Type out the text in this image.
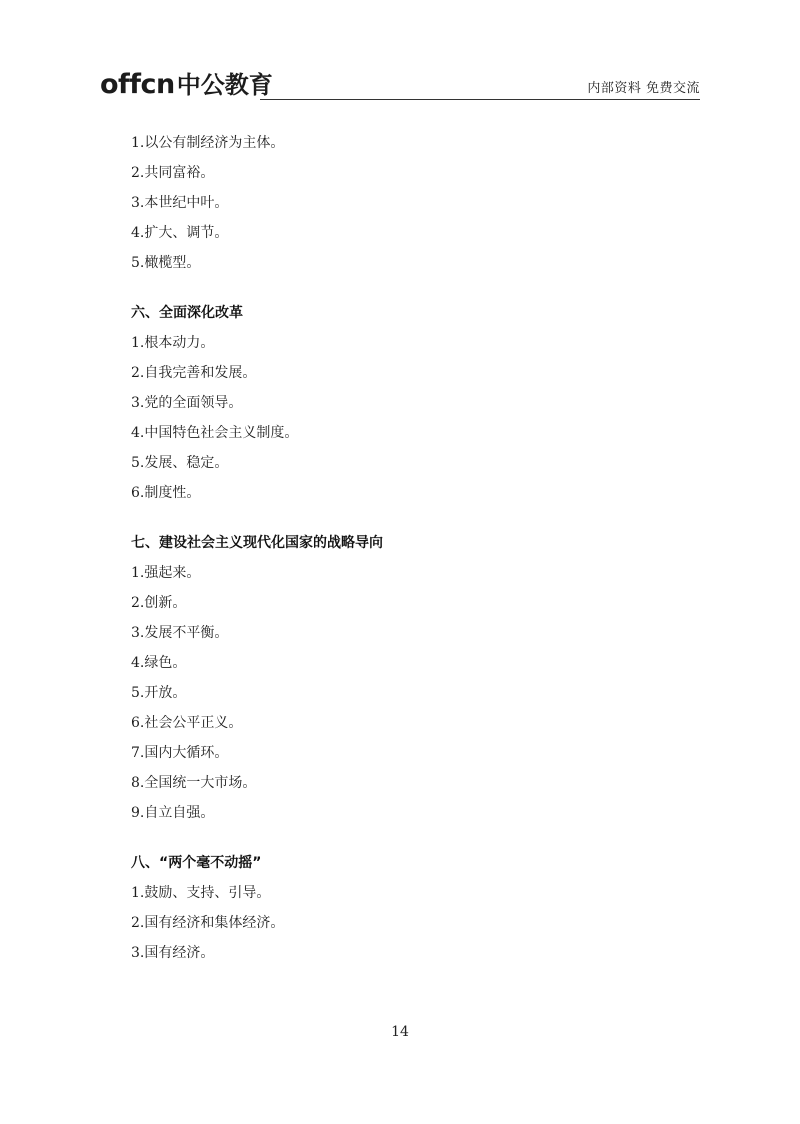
offcn 中公教育	内部资料 免费交流
1.以公有制经济为主体。
2.共同富裕。
3.本世纪中叶。
4.扩大、调节。
5.橄榄型。
六、全面深化改革
1.根本动力。
2.自我完善和发展。
3.党的全面领导。
4.中国特色社会主义制度。
5.发展、稳定。
6.制度性。
七、建设社会主义现代化国家的战略导向
1.强起来。
2.创新。
3.发展不平衡。
4.绿色。
5.开放。
6.社会公平正义。
7.国内大循环。
8.全国统一大市场。
9.自立自强。
八、“两个毫不动摇”
1.鼓励、支持、引导。
2.国有经济和集体经济。
3.国有经济。
14
